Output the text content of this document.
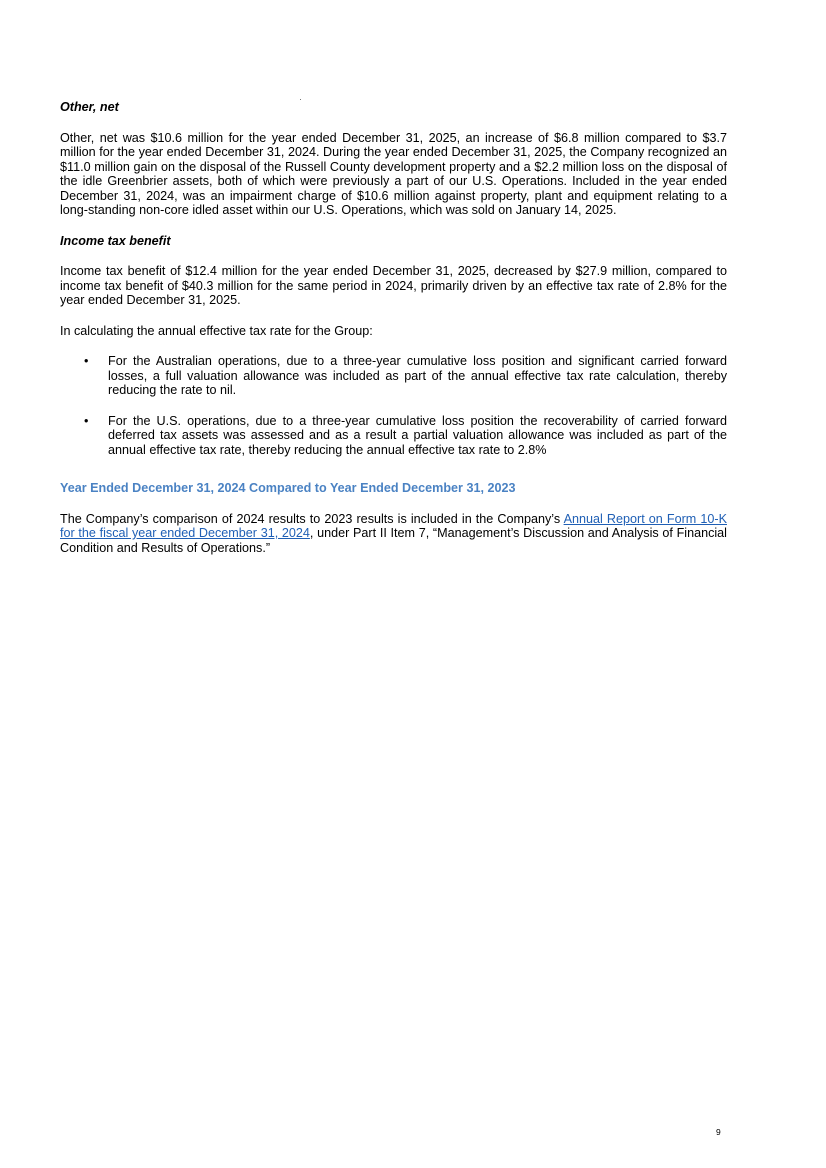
Other, net

Other, net was $10.6 million for the year ended December 31, 2025, an increase of $6.8 million compared to $3.7 million for the year ended December 31, 2024. During the year ended December 31, 2025, the Company recognized an $11.0 million gain on the disposal of the Russell County development property and a $2.2 million loss on the disposal of the idle Greenbrier assets, both of which were previously a part of our U.S. Operations. Included in the year ended December 31, 2024, was an impairment charge of $10.6 million against property, plant and equipment relating to a long-standing non-core idled asset within our U.S. Operations, which was sold on January 14, 2025.

Income tax benefit

Income tax benefit of $12.4 million for the year ended December 31, 2025, decreased by $27.9 million, compared to income tax benefit of $40.3 million for the same period in 2024, primarily driven by an effective tax rate of 2.8% for the year ended December 31, 2025.

In calculating the annual effective tax rate for the Group:

• For the Australian operations, due to a three-year cumulative loss position and significant carried forward losses, a full valuation allowance was included as part of the annual effective tax rate calculation, thereby reducing the rate to nil.
• For the U.S. operations, due to a three-year cumulative loss position the recoverability of carried forward deferred tax assets was assessed and as a result a partial valuation allowance was included as part of the annual effective tax rate, thereby reducing the annual effective tax rate to 2.8%
Year Ended December 31, 2024 Compared to Year Ended December 31, 2023

The Company’s comparison of 2024 results to 2023 results is included in the Company’s Annual Report on Form 10-K for the fiscal year ended December 31, 2024, under Part II Item 7, “Management’s Discussion and Analysis of Financial Condition and Results of Operations.”

9
